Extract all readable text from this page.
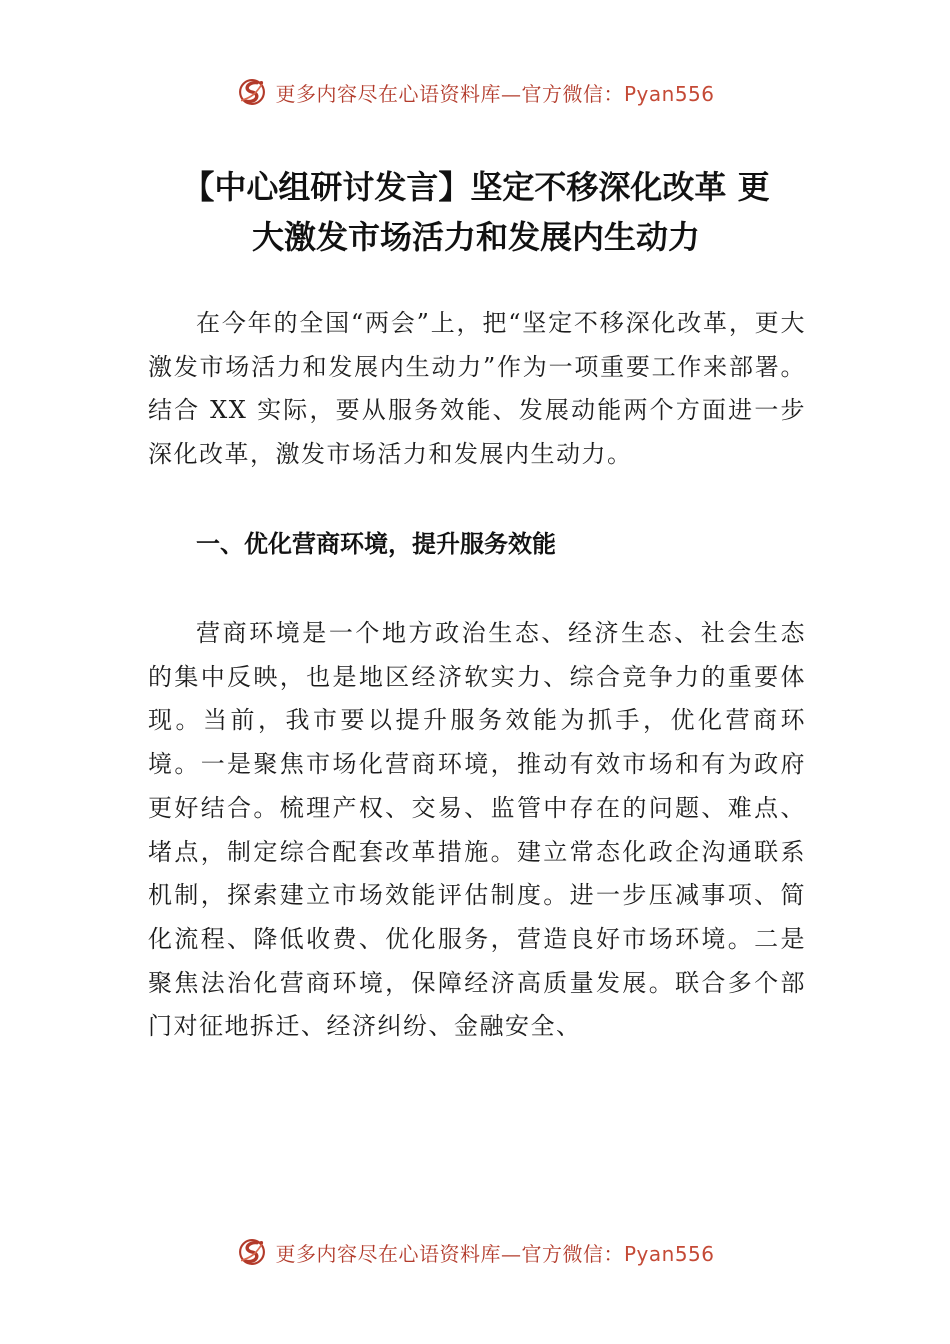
更多内容尽在心语资料库—官方微信：Pyan556
【中心组研讨发言】坚定不移深化改革 更
大激发市场活力和发展内生动力

在今年的全国“两会”上，把“坚定不移深化改革，更大激发市场活力和发展内生动力”作为一项重要工作来部署。结合 XX 实际，要从服务效能、发展动能两个方面进一步深化改革，激发市场活力和发展内生动力。

一、优化营商环境，提升服务效能

营商环境是一个地方政治生态、经济生态、社会生态的集中反映，也是地区经济软实力、综合竞争力的重要体现。当前，我市要以提升服务效能为抓手，优化营商环境。一是聚焦市场化营商环境，推动有效市场和有为政府更好结合。梳理产权、交易、监管中存在的问题、难点、堵点，制定综合配套改革措施。建立常态化政企沟通联系机制，探索建立市场效能评估制度。进一步压减事项、简化流程、降低收费、优化服务，营造良好市场环境。二是聚焦法治化营商环境，保障经济高质量发展。联合多个部门对征地拆迁、经济纠纷、金融安全、

更多内容尽在心语资料库—官方微信：Pyan556
